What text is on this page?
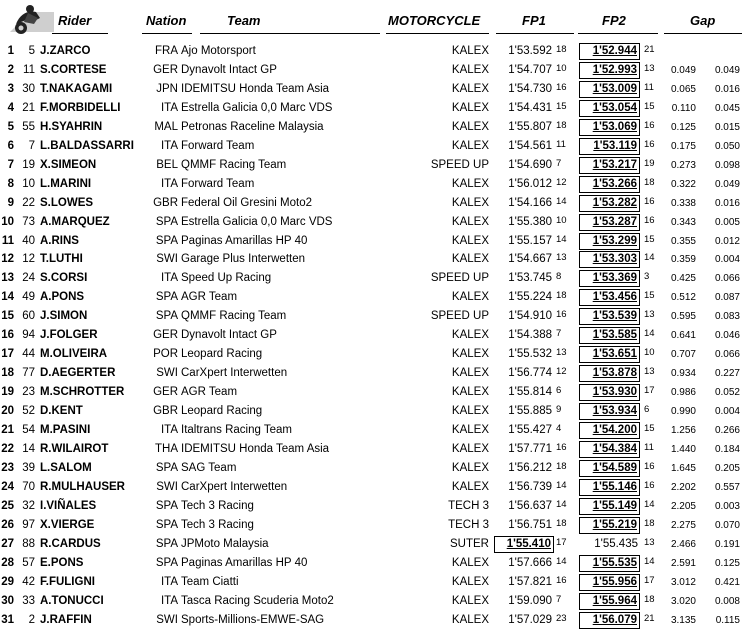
Rider	Nation	Team	MOTORCYCLE	FP1	FP2	Gap
1	5 J.ZARCO	FRA Ajo Motorsport	KALEX	1'53.592 18	1'52.944 21
2 11 S.CORTESE	GER Dynavolt Intact GP	KALEX	1'54.707 10	1'52.993 13	0.049	0.049
3 30 T.NAKAGAMI	JPN IDEMITSU Honda Team Asia	KALEX	1'54.730 16	1'53.009 11	0.065	0.016
4 21 F.MORBIDELLI	ITA Estrella Galicia 0,0 Marc VDS	KALEX	1'54.431 15	1'53.054 15	0.110	0.045
5 55 H.SYAHRIN	MAL Petronas Raceline Malaysia	KALEX	1'55.807 18	1'53.069 16	0.125	0.015
6	7 L.BALDASSARRI	ITA Forward Team	KALEX	1'54.561 11	1'53.119 16	0.175	0.050
7 19 X.SIMEON	BEL QMMF Racing Team	SPEED UP	1'54.690 7	1'53.217 19	0.273	0.098
8 10 L.MARINI	ITA Forward Team	KALEX	1'56.012 12	1'53.266 18	0.322	0.049
9 22 S.LOWES	GBR Federal Oil Gresini Moto2	KALEX	1'54.166 14	1'53.282 16	0.338	0.016
10 73 A.MARQUEZ	SPA Estrella Galicia 0,0 Marc VDS	KALEX	1'55.380 10	1'53.287 16	0.343	0.005
11 40 A.RINS	SPA Paginas Amarillas HP 40	KALEX	1'55.157 14	1'53.299 15	0.355	0.012
12 12 T.LUTHI	SWI Garage Plus Interwetten	KALEX	1'54.667 13	1'53.303 14	0.359	0.004
13 24 S.CORSI	ITA Speed Up Racing	SPEED UP	1'53.745 8	1'53.369 3	0.425	0.066
14 49 A.PONS	SPA AGR Team	KALEX	1'55.224 18	1'53.456 15	0.512	0.087
15 60 J.SIMON	SPA QMMF Racing Team	SPEED UP	1'54.910 16	1'53.539 13	0.595	0.083
16 94 J.FOLGER	GER Dynavolt Intact GP	KALEX	1'54.388 7	1'53.585 14	0.641	0.046
17 44 M.OLIVEIRA	POR Leopard Racing	KALEX	1'55.532 13	1'53.651 10	0.707	0.066
18 77 D.AEGERTER	SWI CarXpert Interwetten	KALEX	1'56.774 12	1'53.878 13	0.934	0.227
19 23 M.SCHROTTER	GER AGR Team	KALEX	1'55.814 6	1'53.930 17	0.986	0.052
20 52 D.KENT	GBR Leopard Racing	KALEX	1'55.885 9	1'53.934 6	0.990	0.004
21 54 M.PASINI	ITA Italtrans Racing Team	KALEX	1'55.427 4	1'54.200 15	1.256	0.266
22 14 R.WILAIROT	THA IDEMITSU Honda Team Asia	KALEX	1'57.771 16	1'54.384 11	1.440	0.184
23 39 L.SALOM	SPA SAG Team	KALEX	1'56.212 18	1'54.589 16	1.645	0.205
24 70 R.MULHAUSER	SWI CarXpert Interwetten	KALEX	1'56.739 14	1'55.146 16	2.202	0.557
25 32 I.VIÑALES	SPA Tech 3 Racing	TECH 3	1'56.637 14	1'55.149 14	2.205	0.003
26 97 X.VIERGE	SPA Tech 3 Racing	TECH 3	1'56.751 18	1'55.219 18	2.275	0.070
27 88 R.CARDUS	SPA JPMoto Malaysia	SUTER	1'55.410 17	1'55.435 13	2.466	0.191
28 57 E.PONS	SPA Paginas Amarillas HP 40	KALEX	1'57.666 14	1'55.535 14	2.591	0.125
29 42 F.FULIGNI	ITA Team Ciatti	KALEX	1'57.821 16	1'55.956 17	3.012	0.421
30 33 A.TONUCCI	ITA Tasca Racing Scuderia Moto2	KALEX	1'59.090 7	1'55.964 18	3.020	0.008
31	2 J.RAFFIN	SWI Sports-Millions-EMWE-SAG	KALEX	1'57.029 23	1'56.079 21	3.135	0.115
